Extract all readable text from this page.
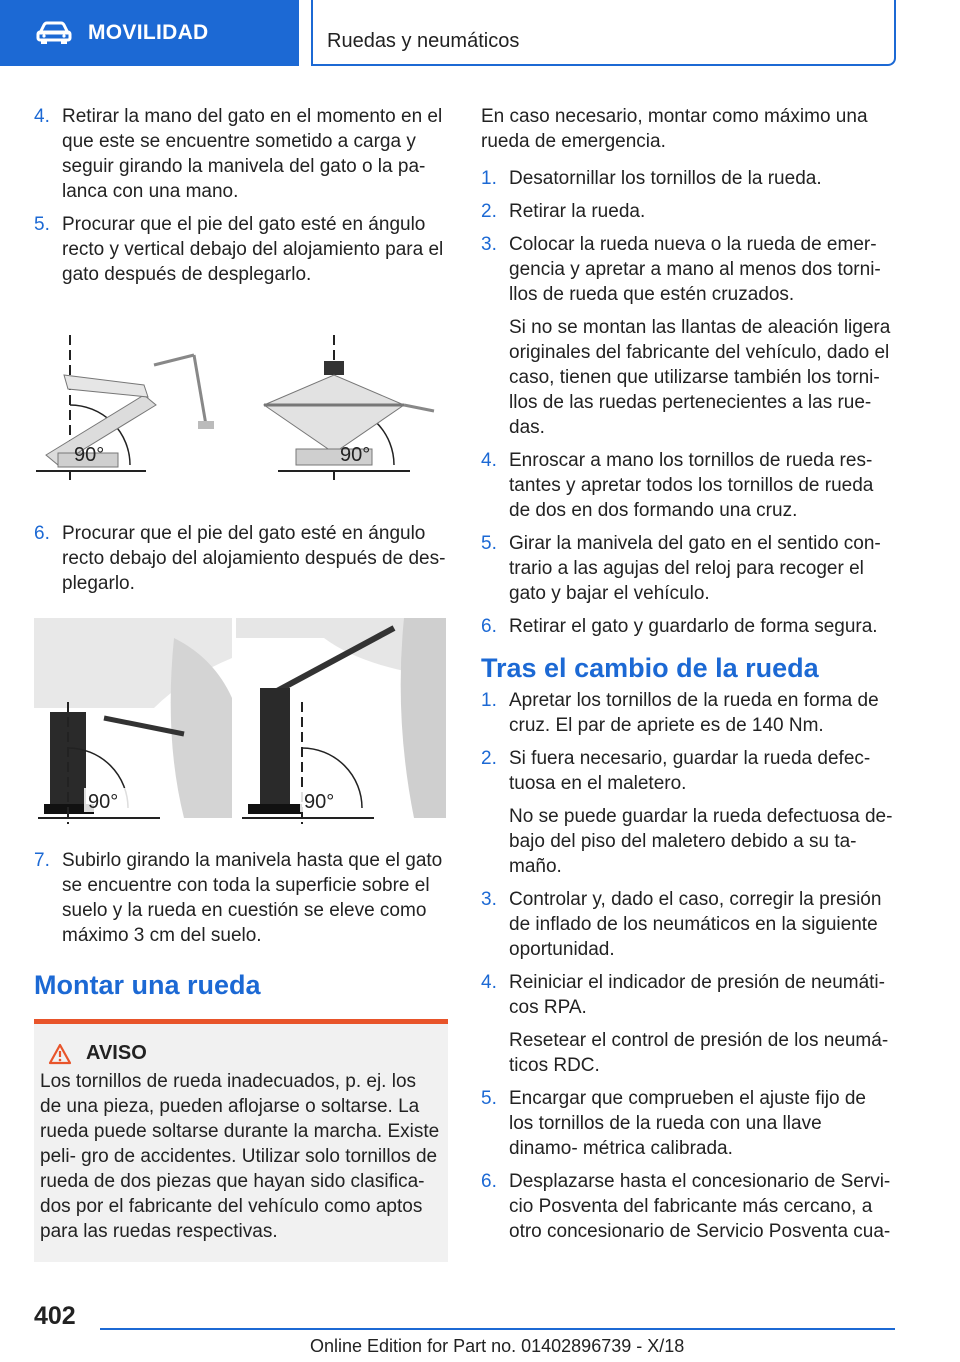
MOVILIDAD	Ruedas y neumáticos
4. Retirar la mano del gato en el momento en el que este se encuentre sometido a carga y seguir girando la manivela del gato o la pa‐ lanca con una mano.
5. Procurar que el pie del gato esté en ángulo recto y vertical debajo del alojamiento para el gato después de desplegarlo.
90°	90°
6. Procurar que el pie del gato esté en ángulo recto debajo del alojamiento después de des‐ plegarlo.
90°	90°
7. Subirlo girando la manivela hasta que el gato se encuentre con toda la superficie sobre el suelo y la rueda en cuestión se eleve como máximo 3 cm del suelo.
Montar una rueda
AVISO
Los tornillos de rueda inadecuados, p. ej. los de una pieza, pueden aflojarse o soltarse. La rueda puede soltarse durante la marcha. Existe peli‐ gro de accidentes. Utilizar solo tornillos de rueda de dos piezas que hayan sido clasifica‐ dos por el fabricante del vehículo como aptos para las ruedas respectivas.

En caso necesario, montar como máximo una rueda de emergencia.

1. Desatornillar los tornillos de la rueda.
2. Retirar la rueda.
3. Colocar la rueda nueva o la rueda de emer‐ gencia y apretar a mano al menos dos torni‐ llos de rueda que estén cruzados.
Si no se montan las llantas de aleación ligera originales del fabricante del vehículo, dado el caso, tienen que utilizarse también los torni‐ llos de las ruedas pertenecientes a las rue‐ das.
4. Enroscar a mano los tornillos de rueda res‐ tantes y apretar todos los tornillos de rueda de dos en dos formando una cruz.
5. Girar la manivela del gato en el sentido con‐ trario a las agujas del reloj para recoger el gato y bajar el vehículo.
6. Retirar el gato y guardarlo de forma segura.
Tras el cambio de la rueda
1. Apretar los tornillos de la rueda en forma de cruz. El par de apriete es de 140 Nm.
2. Si fuera necesario, guardar la rueda defec‐ tuosa en el maletero.
No se puede guardar la rueda defectuosa de‐ bajo del piso del maletero debido a su ta‐ maño.
3. Controlar y, dado el caso, corregir la presión de inflado de los neumáticos en la siguiente oportunidad.
4. Reiniciar el indicador de presión de neumáti‐ cos RPA.
Resetear el control de presión de los neumá‐ ticos RDC.
5. Encargar que comprueben el ajuste fijo de los tornillos de la rueda con una llave dinamo‐ métrica calibrada.
6. Desplazarse hasta el concesionario de Servi‐ cio Posventa del fabricante más cercano, a otro concesionario de Servicio Posventa cua‐
402
Online Edition for Part no. 01402896739 - X/18
